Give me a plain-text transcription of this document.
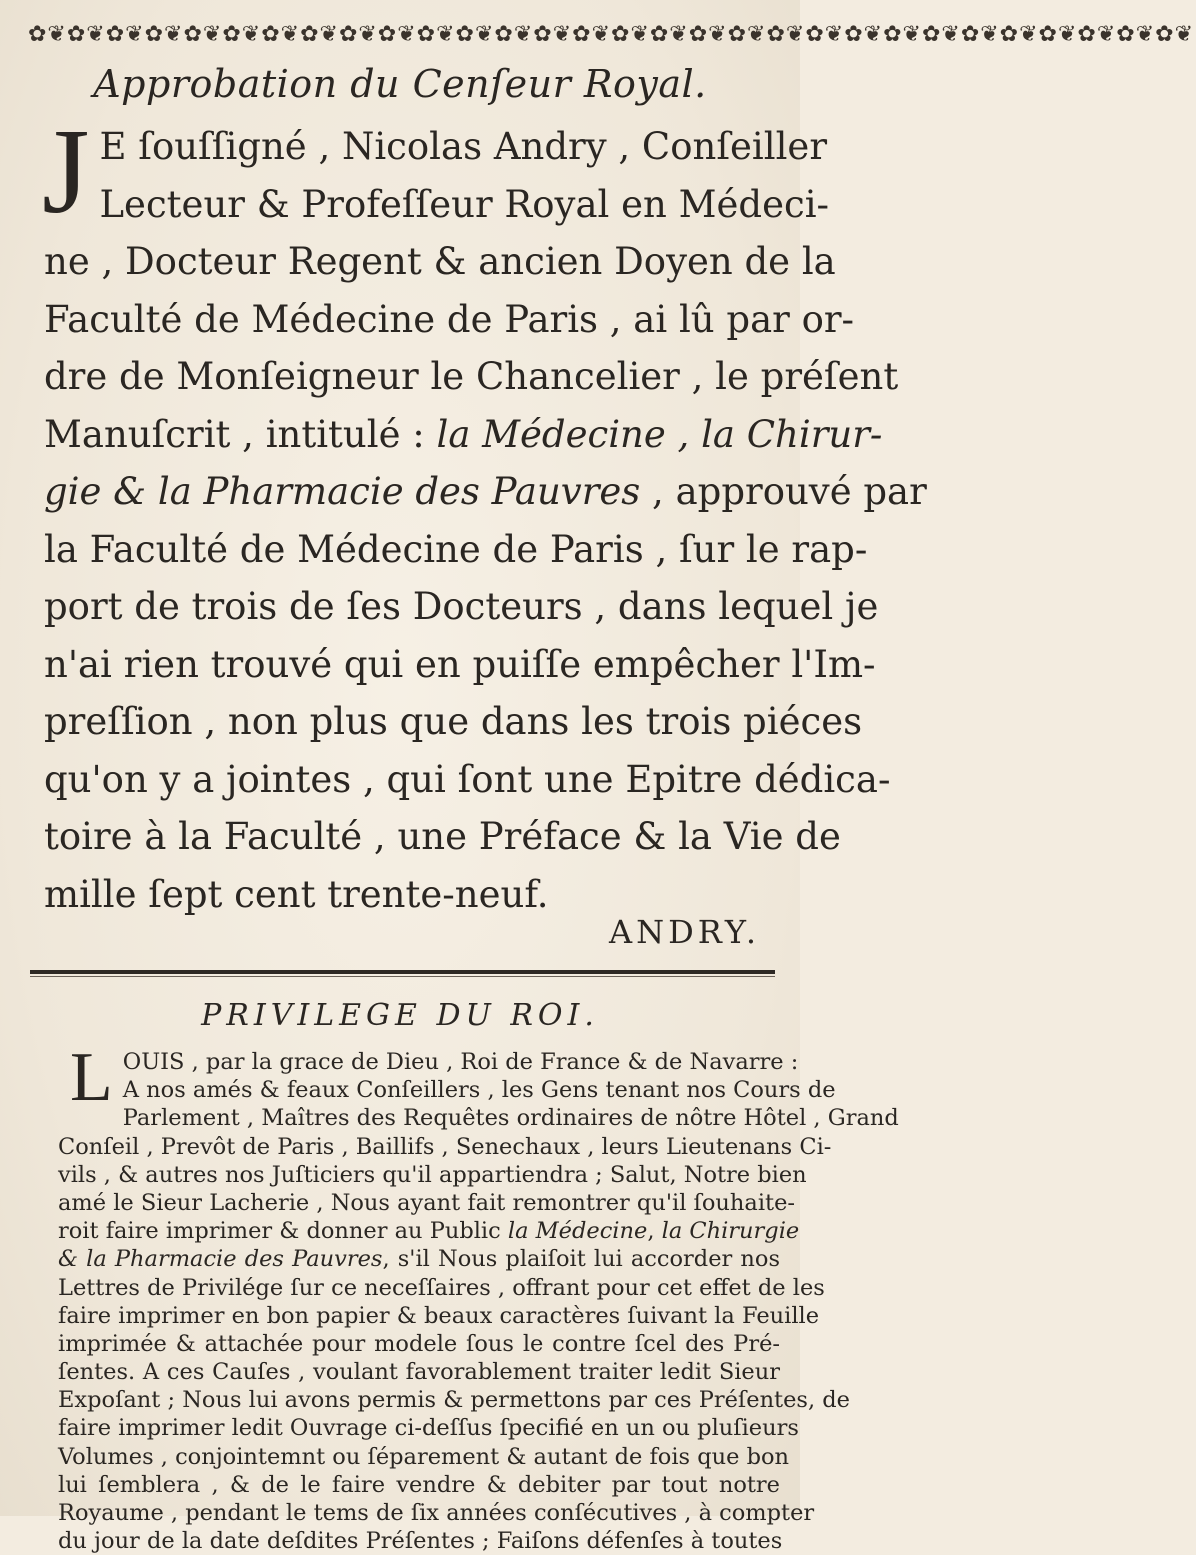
✿❦✿❦✿❦✿❦✿❦✿❦✿❦✿❦✿❦✿❦✿❦✿❦✿❦✿❦✿❦✿❦✿❦✿❦✿❦✿❦✿❦✿❦✿❦✿❦✿❦✿❦✿❦✿❦✿❦✿❦
Approbation du Cenſeur Royal.
J E ſouſſigné , Nicolas Andry , Conſeiller
Lecteur & Profeſſeur Royal en Médeci-
ne , Docteur Regent & ancien Doyen de la
Faculté de Médecine de Paris , ai lû par or-
dre de Monſeigneur le Chancelier , le préſent
Manuſcrit , intitulé : la Médecine , la Chirur-
gie & la Pharmacie des Pauvres , approuvé par
la Faculté de Médecine de Paris , ſur le rap-
port de trois de ſes Docteurs , dans lequel je
n'ai rien trouvé qui en puiſſe empêcher l'Im-
preſſion , non plus que dans les trois piéces
qu'on y a jointes , qui ſont une Epitre dédica-
toire à la Faculté , une Préface & la Vie de
mille ſept cent trente-neuf.
ANDRY.
PRIVILEGE DU ROI.
L OUIS , par la grace de Dieu , Roi de France & de Navarre :
A nos amés & feaux Conſeillers , les Gens tenant nos Cours de
Parlement , Maîtres des Requêtes ordinaires de nôtre Hôtel , Grand
Conſeil , Prevôt de Paris , Baillifs , Senechaux , leurs Lieutenans Ci-
vils , & autres nos Juſticiers qu'il appartiendra ; Salut, Notre bien
amé le Sieur Lacherie , Nous ayant fait remontrer qu'il ſouhaite-
roit faire imprimer & donner au Public la Médecine, la Chirurgie
& la Pharmacie des Pauvres, s'il Nous plaiſoit lui accorder nos
Lettres de Privilége ſur ce neceſſaires , offrant pour cet effet de les
faire imprimer en bon papier & beaux caractères ſuivant la Feuille
imprimée & attachée pour modele ſous le contre ſcel des Pré-
ſentes. A ces Cauſes , voulant favorablement traiter ledit Sieur
Expoſant ; Nous lui avons permis & permettons par ces Préſentes, de
faire imprimer ledit Ouvrage ci-deſſus ſpecifié en un ou pluſieurs
Volumes , conjointemnt ou ſéparement & autant de fois que bon
lui ſemblera , & de le faire vendre & debiter par tout notre
Royaume , pendant le tems de ſix années conſécutives , à compter
du jour de la date deſdites Préſentes ; Faiſons défenſes à toutes
